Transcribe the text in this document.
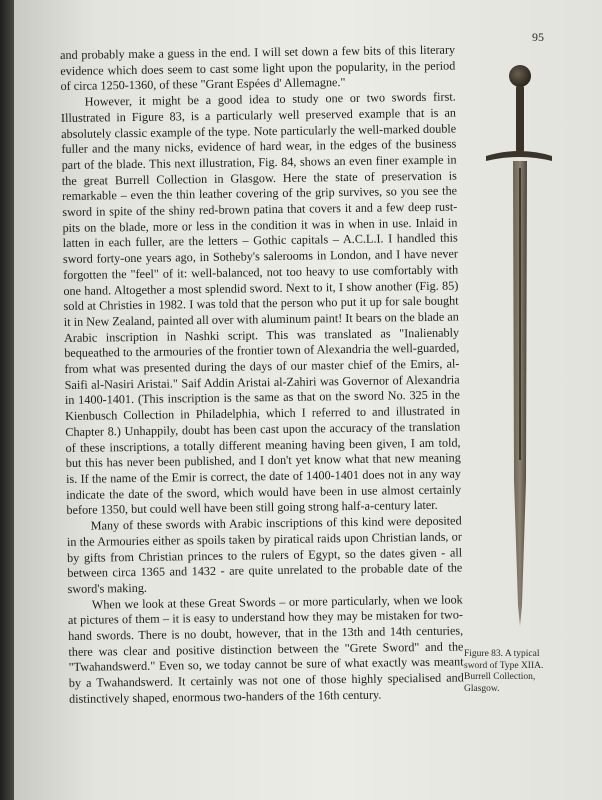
95

and probably make a guess in the end. I will set down a few bits of this literary evidence which does seem to cast some light upon the popularity, in the period of circa 1250-1360, of these "Grant Espées d' Allemagne."

However, it might be a good idea to study one or two swords first. Illustrated in Figure 83, is a particularly well preserved example that is an absolutely classic example of the type. Note particularly the well-marked double fuller and the many nicks, evidence of hard wear, in the edges of the business part of the blade. This next illustration, Fig. 84, shows an even finer example in the great Burrell Collection in Glasgow. Here the state of preservation is remarkable – even the thin leather covering of the grip survives, so you see the sword in spite of the shiny red-brown patina that covers it and a few deep rust-pits on the blade, more or less in the condition it was in when in use. Inlaid in latten in each fuller, are the letters – Gothic capitals – A.C.L.I. I handled this sword forty-one years ago, in Sotheby's salerooms in London, and I have never forgotten the "feel" of it: well-balanced, not too heavy to use comfortably with one hand. Altogether a most splendid sword. Next to it, I show another (Fig. 85) sold at Christies in 1982. I was told that the person who put it up for sale bought it in New Zealand, painted all over with aluminum paint! It bears on the blade an Arabic inscription in Nashki script. This was translated as "Inalienably bequeathed to the armouries of the frontier town of Alexandria the well-guarded, from what was presented during the days of our master chief of the Emirs, al-Saifi al-Nasiri Aristai." Saif Addin Aristai al-Zahiri was Governor of Alexandria in 1400-1401. (This inscription is the same as that on the sword No. 325 in the Kienbusch Collection in Philadelphia, which I referred to and illustrated in Chapter 8.) Unhappily, doubt has been cast upon the accuracy of the translation of these inscriptions, a totally different meaning having been given, I am told, but this has never been published, and I don't yet know what that new meaning is. If the name of the Emir is correct, the date of 1400-1401 does not in any way indicate the date of the sword, which would have been in use almost certainly before 1350, but could well have been still going strong half-a-century later.

Many of these swords with Arabic inscriptions of this kind were deposited in the Armouries either as spoils taken by piratical raids upon Christian lands, or by gifts from Christian princes to the rulers of Egypt, so the dates given - all between circa 1365 and 1432 - are quite unrelated to the probable date of the sword's making.

When we look at these Great Swords – or more particularly, when we look at pictures of them – it is easy to understand how they may be mistaken for two-hand swords. There is no doubt, however, that in the 13th and 14th centuries, there was clear and positive distinction between the "Grete Sword" and the "Twahandswerd." Even so, we today cannot be sure of what exactly was meant by a Twahandswerd. It certainly was not one of those highly specialised and distinctively shaped, enormous two-handers of the 16th century.

Figure 83. A typical
sword of Type XIIA.
Burrell Collection,
Glasgow.
